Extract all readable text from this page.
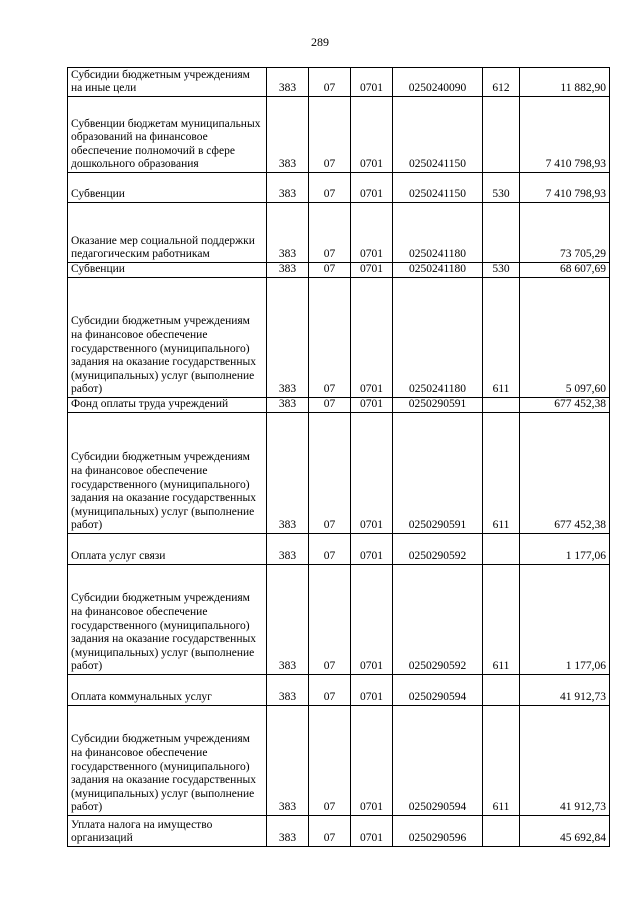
289
Субсидии бюджетным учреждениям на иные цели	383	07	0701	0250240090	612	11 882,90
Субвенции бюджетам муниципальных образований на финансовое обеспечение полномочий в сфере дошкольного образования	383	07	0701	0250241150		7 410 798,93
Субвенции	383	07	0701	0250241150	530	7 410 798,93
Оказание мер социальной поддержки педагогическим работникам	383	07	0701	0250241180		73 705,29
Субвенции	383	07	0701	0250241180	530	68 607,69
Субсидии бюджетным учреждениям на финансовое обеспечение государственного (муниципального) задания на оказание государственных (муниципальных) услуг (выполнение работ)	383	07	0701	0250241180	611	5 097,60
Фонд оплаты труда учреждений	383	07	0701	0250290591		677 452,38
Субсидии бюджетным учреждениям на финансовое обеспечение государственного (муниципального) задания на оказание государственных (муниципальных) услуг (выполнение работ)	383	07	0701	0250290591	611	677 452,38
Оплата услуг связи	383	07	0701	0250290592		1 177,06
Субсидии бюджетным учреждениям на финансовое обеспечение государственного (муниципального) задания на оказание государственных (муниципальных) услуг (выполнение работ)	383	07	0701	0250290592	611	1 177,06
Оплата коммунальных услуг	383	07	0701	0250290594		41 912,73
Субсидии бюджетным учреждениям на финансовое обеспечение государственного (муниципального) задания на оказание государственных (муниципальных) услуг (выполнение работ)	383	07	0701	0250290594	611	41 912,73
Уплата налога на имущество организаций	383	07	0701	0250290596		45 692,84
